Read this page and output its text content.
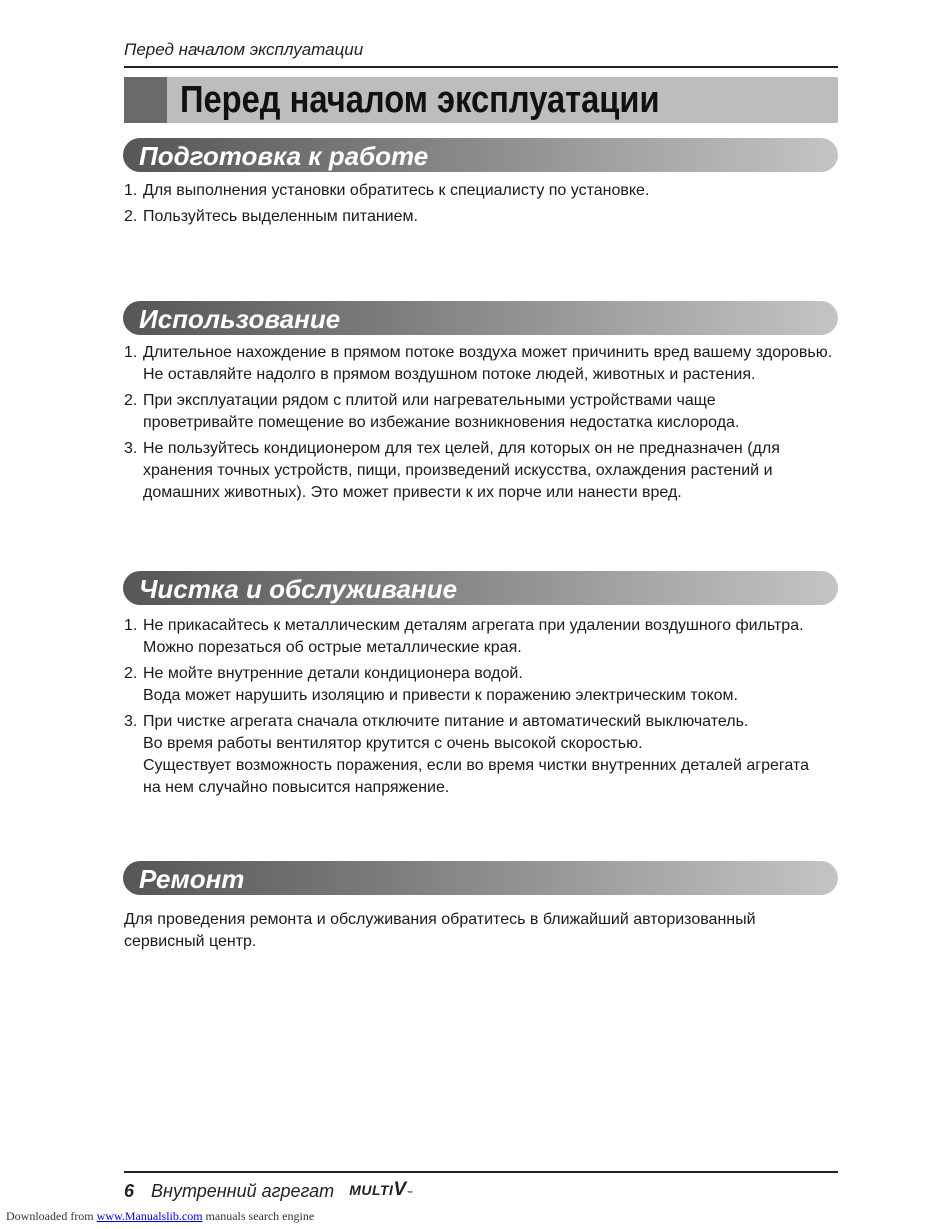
Перед началом эксплуатации
Перед началом эксплуатации
Подготовка к работе
1. Для выполнения установки обратитесь к специалисту по установке.
2. Пользуйтесь выделенным питанием.
Использование
1. Длительное нахождение в прямом потоке воздуха может причинить вред вашему здоровью.
Не оставляйте надолго в прямом воздушном потоке людей, животных и растения.
2. При эксплуатации рядом с плитой или нагревательными устройствами чаще
проветривайте помещение во избежание возникновения недостатка кислорода.
3. Не пользуйтесь кондиционером для тех целей, для которых он не предназначен (для
хранения точных устройств, пищи, произведений искусства, охлаждения растений и
домашних животных). Это может привести к их порче или нанести вред.
Чистка и обслуживание
1. Не прикасайтесь к металлическим деталям агрегата при удалении воздушного фильтра.
Можно порезаться об острые металлические края.
2. Не мойте внутренние детали кондиционера водой.
Вода может нарушить изоляцию и привести к поражению электрическим током.
3. При чистке агрегата сначала отключите питание и автоматический выключатель.
Во время работы вентилятор крутится с очень высокой скоростью.
Существует возможность поражения, если во время чистки внутренних деталей агрегата
на нем случайно повысится напряжение.
Ремонт
Для проведения ремонта и обслуживания обратитесь в ближайший авторизованный
сервисный центр.
6 Внутренний агрегат MULTIV™
Downloaded from www.Manualslib.com manuals search engine
